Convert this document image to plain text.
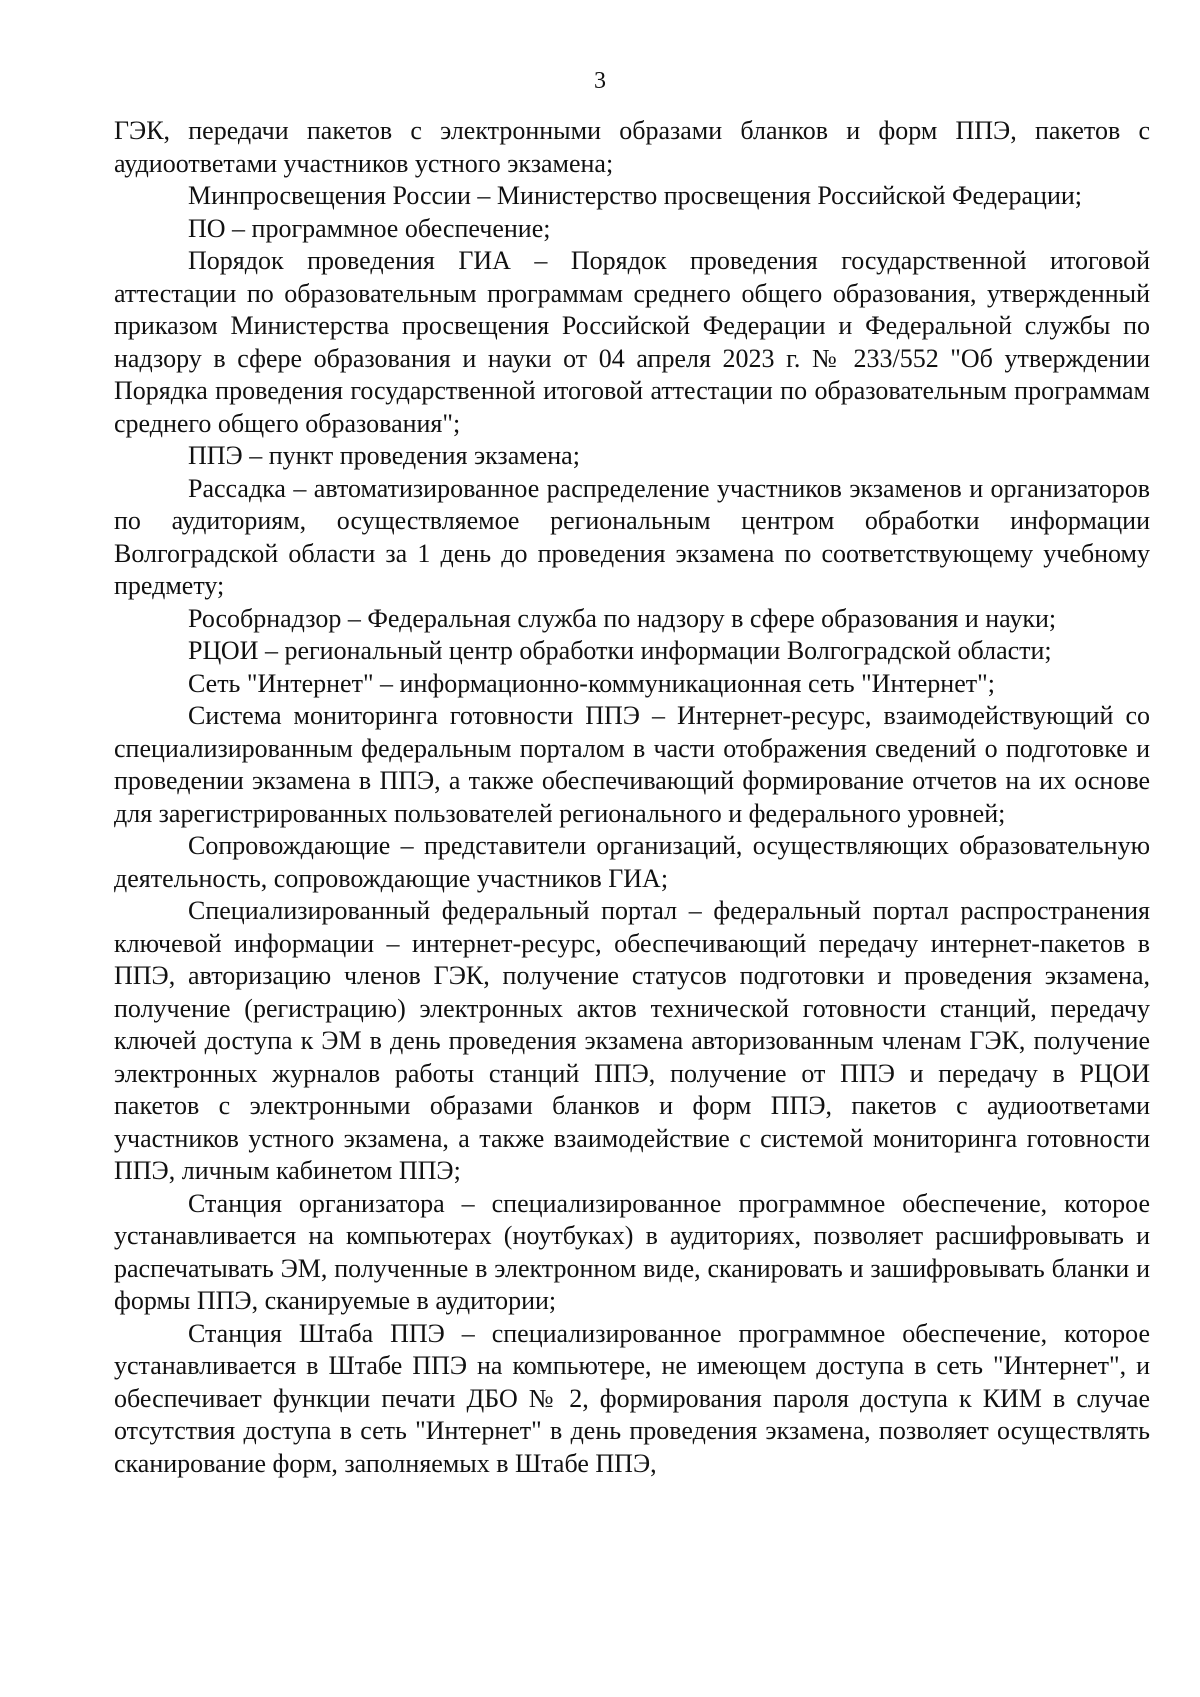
3

ГЭК, передачи пакетов с электронными образами бланков и форм ППЭ, пакетов с аудиоответами участников устного экзамена;

Минпросвещения России – Министерство просвещения Российской Федерации;

ПО – программное обеспечение;

Порядок проведения ГИА – Порядок проведения государственной итоговой аттестации по образовательным программам среднего общего образования, утвержденный приказом Министерства просвещения Российской Федерации и Федеральной службы по надзору в сфере образования и науки от 04 апреля 2023 г. № 233/552 "Об утверждении Порядка проведения государственной итоговой аттестации по образовательным программам среднего общего образования";

ППЭ – пункт проведения экзамена;

Рассадка – автоматизированное распределение участников экзаменов и организаторов по аудиториям, осуществляемое региональным центром обработки информации Волгоградской области за 1 день до проведения экзамена по соответствующему учебному предмету;

Рособрнадзор – Федеральная служба по надзору в сфере образования и науки;

РЦОИ – региональный центр обработки информации Волгоградской области;

Сеть "Интернет" – информационно-коммуникационная сеть "Интернет";

Система мониторинга готовности ППЭ – Интернет-ресурс, взаимодействующий со специализированным федеральным порталом в части отображения сведений о подготовке и проведении экзамена в ППЭ, а также обеспечивающий формирование отчетов на их основе для зарегистрированных пользователей регионального и федерального уровней;

Сопровождающие – представители организаций, осуществляющих образовательную деятельность, сопровождающие участников ГИА;

Специализированный федеральный портал – федеральный портал распространения ключевой информации – интернет-ресурс, обеспечивающий передачу интернет-пакетов в ППЭ, авторизацию членов ГЭК, получение статусов подготовки и проведения экзамена, получение (регистрацию) электронных актов технической готовности станций, передачу ключей доступа к ЭМ в день проведения экзамена авторизованным членам ГЭК, получение электронных журналов работы станций ППЭ, получение от ППЭ и передачу в РЦОИ пакетов с электронными образами бланков и форм ППЭ, пакетов с аудиоответами участников устного экзамена, а также взаимодействие с системой мониторинга готовности ППЭ, личным кабинетом ППЭ;

Станция организатора – специализированное программное обеспечение, которое устанавливается на компьютерах (ноутбуках) в аудиториях, позволяет расшифровывать и распечатывать ЭМ, полученные в электронном виде, сканировать и зашифровывать бланки и формы ППЭ, сканируемые в аудитории;

Станция Штаба ППЭ – специализированное программное обеспечение, которое устанавливается в Штабе ППЭ на компьютере, не имеющем доступа в сеть "Интернет", и обеспечивает функции печати ДБО № 2, формирования пароля доступа к КИМ в случае отсутствия доступа в сеть "Интернет" в день проведения экзамена, позволяет осуществлять сканирование форм, заполняемых в Штабе ППЭ,
